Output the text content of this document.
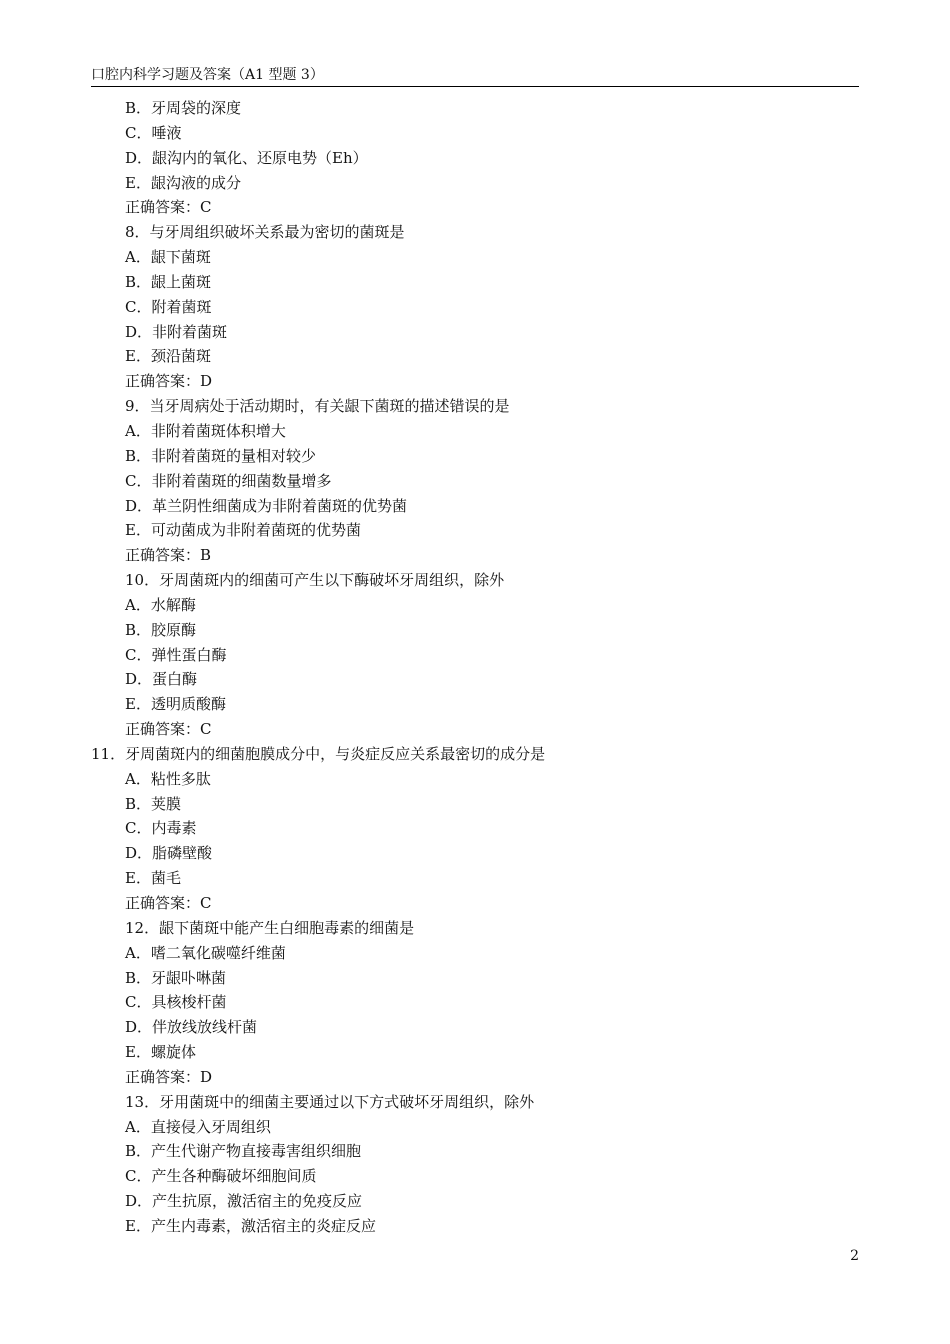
口腔内科学习题及答案（A1 型题 3）
B．牙周袋的深度
C．唾液
D．龈沟内的氧化、还原电势（Eh）
E．龈沟液的成分
正确答案：C
8．与牙周组织破坏关系最为密切的菌斑是
A．龈下菌斑
B．龈上菌斑
C．附着菌斑
D．非附着菌斑
E．颈沿菌斑
正确答案：D
9．当牙周病处于活动期时，有关龈下菌斑的描述错误的是
A．非附着菌斑体积增大
B．非附着菌斑的量相对较少
C．非附着菌斑的细菌数量增多
D．革兰阴性细菌成为非附着菌斑的优势菌
E．可动菌成为非附着菌斑的优势菌
正确答案：B
10．牙周菌斑内的细菌可产生以下酶破坏牙周组织，除外
A．水解酶
B．胶原酶
C．弹性蛋白酶
D．蛋白酶
E．透明质酸酶
正确答案：C
11．牙周菌斑内的细菌胞膜成分中，与炎症反应关系最密切的成分是
A．粘性多肽
B．荚膜
C．内毒素
D．脂磷壁酸
E．菌毛
正确答案：C
12．龈下菌斑中能产生白细胞毒素的细菌是
A．嗜二氧化碳噬纤维菌
B．牙龈卟啉菌
C．具核梭杆菌
D．伴放线放线杆菌
E．螺旋体
正确答案：D
13．牙用菌斑中的细菌主要通过以下方式破坏牙周组织，除外
A．直接侵入牙周组织
B．产生代谢产物直接毒害组织细胞
C．产生各种酶破坏细胞间质
D．产生抗原，激活宿主的免疫反应
E．产生内毒素，激活宿主的炎症反应
2
